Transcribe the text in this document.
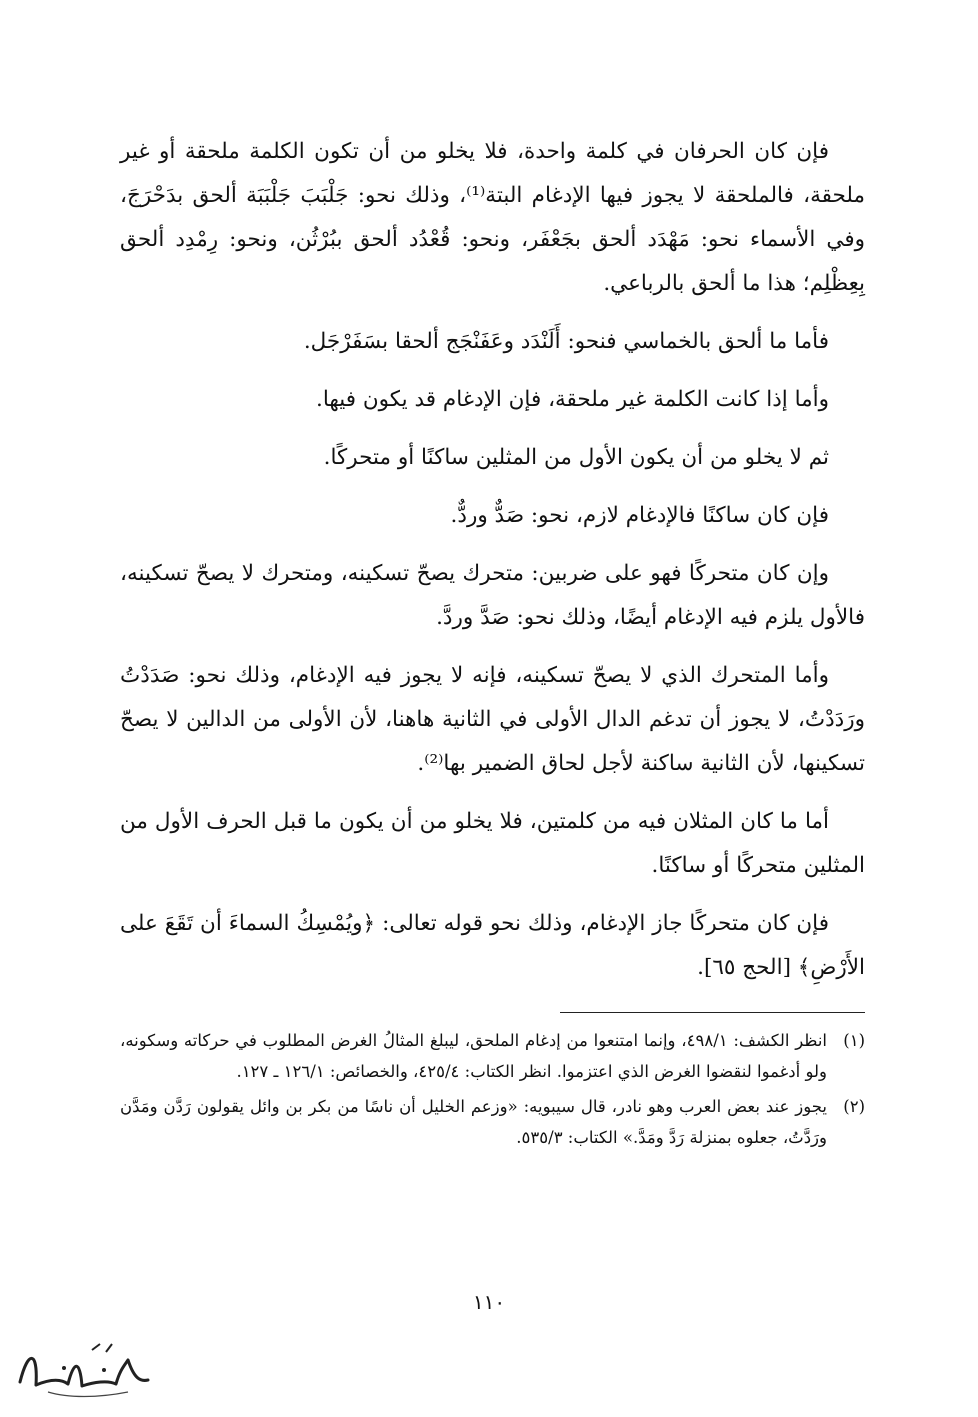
فإن كان الحرفان في كلمة واحدة، فلا يخلو من أن تكون الكلمة ملحقة أو غير ملحقة، فالملحقة لا يجوز فيها الإدغام البتة⁽¹⁾، وذلك نحو: جَلْبَبَ جَلْبَبَة ألحق بدَحْرَجَ، وفي الأسماء نحو: مَهْدَد ألحق بجَعْفَر، ونحو: قُعْدُد ألحق ببُرْثُن، ونحو: رِمْدِد ألحق بِعِظْلِم؛ هذا ما ألحق بالرباعي.

فأما ما ألحق بالخماسي فنحو: أَلَنْدَد وعَفَنْجَج ألحقا بسَفَرْجَل.

وأما إذا كانت الكلمة غير ملحقة، فإن الإدغام قد يكون فيها.

ثم لا يخلو من أن يكون الأول من المثلين ساكنًا أو متحركًا.

فإن كان ساكنًا فالإدغام لازم، نحو: صَدٌّ وردٌّ.

وإن كان متحركًا فهو على ضربين: متحرك يصحّ تسكينه، ومتحرك لا يصحّ تسكينه، فالأول يلزم فيه الإدغام أيضًا، وذلك نحو: صَدَّ وردَّ.

وأما المتحرك الذي لا يصحّ تسكينه، فإنه لا يجوز فيه الإدغام، وذلك نحو: صَدَدْتُ ورَدَدْتُ، لا يجوز أن تدغم الدال الأولى في الثانية هاهنا، لأن الأولى من الدالين لا يصحّ تسكينها، لأن الثانية ساكنة لأجل لحاق الضمير بها⁽²⁾.

أما ما كان المثلان فيه من كلمتين، فلا يخلو من أن يكون ما قبل الحرف الأول من المثلين متحركًا أو ساكنًا.

فإن كان متحركًا جاز الإدغام، وذلك نحو قوله تعالى: ﴿ويُمْسِكُ السماءَ أن تَقَعَ على الأَرْضِ﴾ [الحج ٦٥].

(١)
انظر الكشف: ٤٩٨/١، وإنما امتنعوا من إدغام الملحق، ليبلغ المثالُ الغرض المطلوب في حركاته وسكونه، ولو أدغموا لنقضوا الغرض الذي اعتزموا. انظر الكتاب: ٤٢٥/٤، والخصائص: ١٢٦/١ ـ ١٢٧.
(٢)
يجوز عند بعض العرب وهو نادر، قال سيبويه: «وزعم الخليل أن ناسًا من بكر بن وائل يقولون رَدَّن ومَدَّن ورَدَّتُ، جعلوه بمنزلة رَدَّ ومَدَّ.» الكتاب: ٥٣٥/٣.
١١٠
